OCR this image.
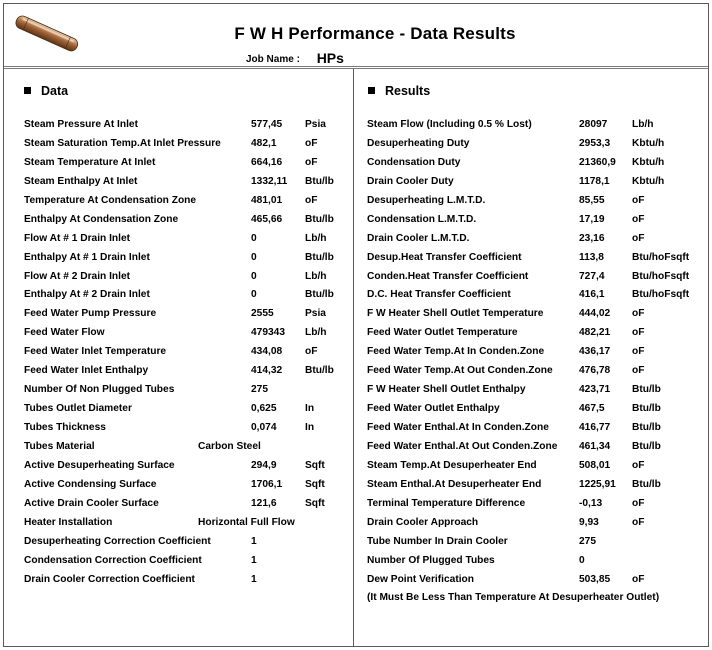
F W H Performance - Data Results
Job Name : HPs
Data
Steam Pressure At Inlet	577,45 Psia
Steam Saturation Temp.At Inlet Pressure	482,1	oF
Steam Temperature At Inlet	664,16 oF
Steam Enthalpy At Inlet	1332,11 Btu/lb
Temperature At Condensation Zone	481,01 oF
Enthalpy At Condensation Zone	465,66 Btu/lb
Flow At # 1 Drain Inlet	0	Lb/h
Enthalpy At # 1 Drain Inlet	0	Btu/lb
Flow At # 2 Drain Inlet	0	Lb/h
Enthalpy At # 2 Drain Inlet	0	Btu/lb
Feed Water Pump Pressure	2555	Psia
Feed Water Flow	479343 Lb/h
Feed Water Inlet Temperature	434,08 oF
Feed Water Inlet Enthalpy	414,32 Btu/lb
Number Of Non Plugged Tubes	275
Tubes Outlet Diameter	0,625	In
Tubes Thickness	0,074	In
Tubes Material	Carbon Steel
Active Desuperheating Surface	294,9	Sqft
Active Condensing Surface	1706,1 Sqft
Active Drain Cooler Surface	121,6	Sqft
Heater Installation	Horizontal Full Flow
Desuperheating Correction Coefficient	1
Condensation Correction Coefficient	1
Drain Cooler Correction Coefficient	1
Results
Steam Flow (Including 0.5 % Lost)	28097 Lb/h
Desuperheating Duty	2953,3 Kbtu/h
Condensation Duty	21360,9 Kbtu/h
Drain Cooler Duty	1178,1 Kbtu/h
Desuperheating L.M.T.D.	85,55	oF
Condensation L.M.T.D.	17,19	oF
Drain Cooler L.M.T.D.	23,16	oF
Desup.Heat Transfer Coefficient	113,8	Btu/hoFsqft
Conden.Heat Transfer Coefficient	727,4	Btu/hoFsqft
D.C. Heat Transfer Coefficient	416,1	Btu/hoFsqft
F W Heater Shell Outlet Temperature	444,02 oF
Feed Water Outlet Temperature	482,21 oF
Feed Water Temp.At In Conden.Zone	436,17 oF
Feed Water Temp.At Out Conden.Zone	476,78 oF
F W Heater Shell Outlet Enthalpy	423,71 Btu/lb
Feed Water Outlet Enthalpy	467,5	Btu/lb
Feed Water Enthal.At In Conden.Zone	416,77 Btu/lb
Feed Water Enthal.At Out Conden.Zone 461,34 Btu/lb
Steam Temp.At Desuperheater End	508,01 oF
Steam Enthal.At Desuperheater End	1225,91 Btu/lb
Terminal Temperature Difference	-0,13	oF
Drain Cooler Approach	9,93	oF
Tube Number In Drain Cooler	275
Number Of Plugged Tubes	0
Dew Point Verification	503,85 oF
(It Must Be Less Than Temperature At Desuperheater Outlet)
